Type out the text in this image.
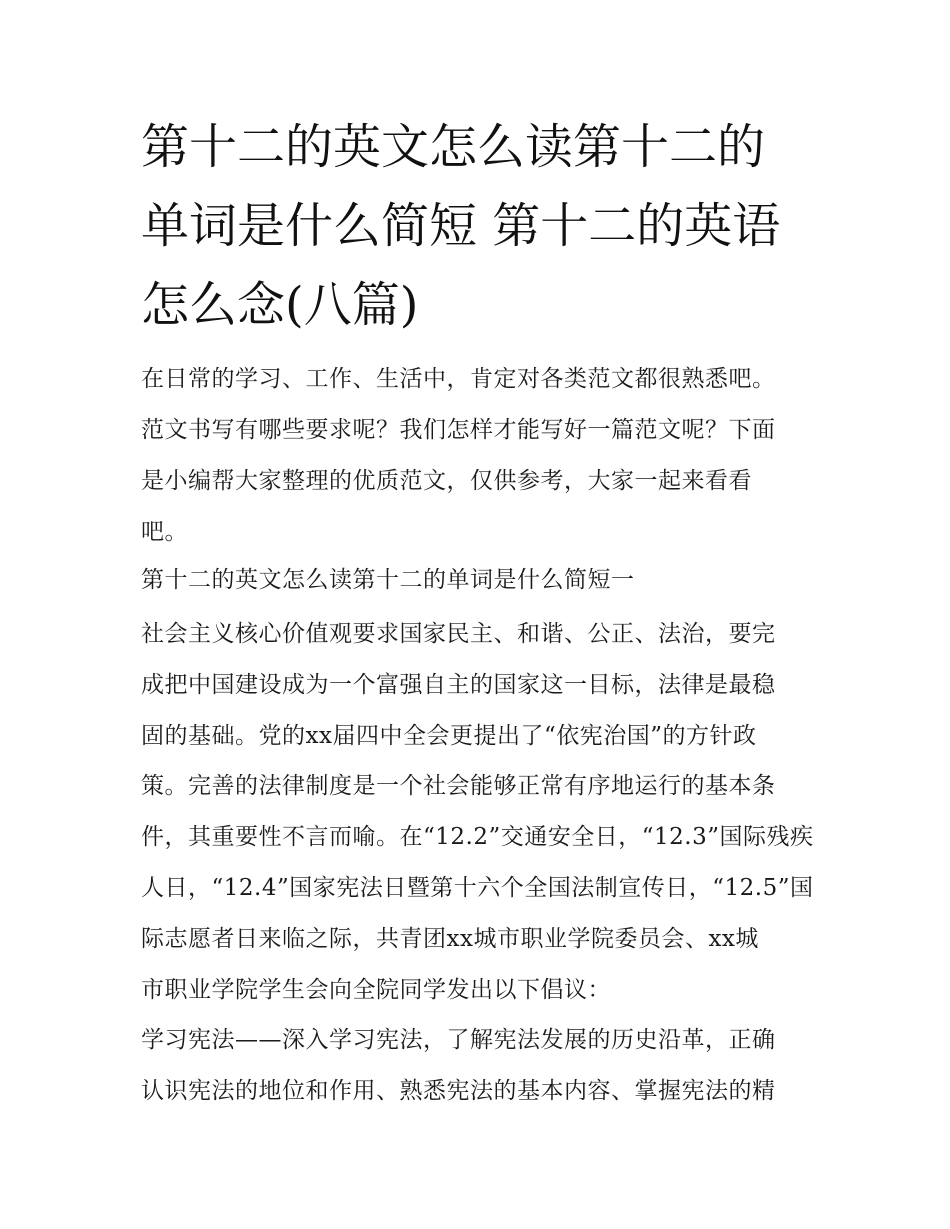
第十二的英文怎么读第十二的
单词是什么简短 第十二的英语
怎么念(八篇)
在日常的学习、工作、生活中，肯定对各类范文都很熟悉吧。
范文书写有哪些要求呢？我们怎样才能写好一篇范文呢？下面
是小编帮大家整理的优质范文，仅供参考，大家一起来看看
吧。
第十二的英文怎么读第十二的单词是什么简短一
社会主义核心价值观要求国家民主、和谐、公正、法治，要完
成把中国建设成为一个富强自主的国家这一目标，法律是最稳
固的基础。党的xx届四中全会更提出了“依宪治国”的方针政
策。完善的法律制度是一个社会能够正常有序地运行的基本条
件，其重要性不言而喻。在“12.2”交通安全日，“12.3”国际残疾
人日，“12.4”国家宪法日暨第十六个全国法制宣传日，“12.5”国
际志愿者日来临之际，共青团xx城市职业学院委员会、xx城
市职业学院学生会向全院同学发出以下倡议：
学习宪法——深入学习宪法，了解宪法发展的历史沿革，正确
认识宪法的地位和作用、熟悉宪法的基本内容、掌握宪法的精
